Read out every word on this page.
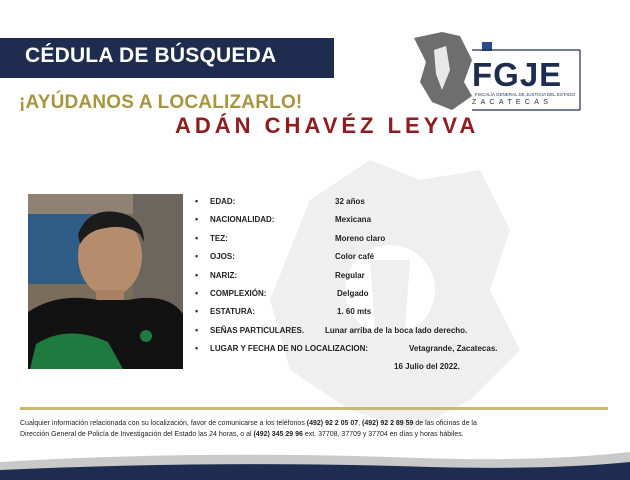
CÉDULA DE BÚSQUEDA
¡AYÚDANOS A LOCALIZARLO!
ADÁN CHAVÉZ LEYVA
FGJE
FISCALÍA GENERAL DE JUSTICIA DEL ESTADO
ZACATECAS
• EDAD:	32 años
• NACIONALIDAD:	Mexicana
• TEZ:	Moreno claro
• OJOS:	Color café
• NARIZ:	Regular
• COMPLEXIÓN:	Delgado
• ESTATURA:	1. 60 mts
• SEÑAS PARTICULARES.	Lunar arriba de la boca lado derecho.
• LUGAR Y FECHA DE NO LOCALIZACION:	Vetagrande, Zacatecas.
16 Julio del 2022.
Cualquier información relacionada con su localización, favor de comunicarse a los teléfonos (492) 92 2 05 07, (492) 92 2 89 59 de las oficinas de la
Dirección General de Policía de Investigación del Estado las 24 horas, o al (492) 345 29 96 ext. 37708, 37709 y 37704 en días y horas hábiles.
